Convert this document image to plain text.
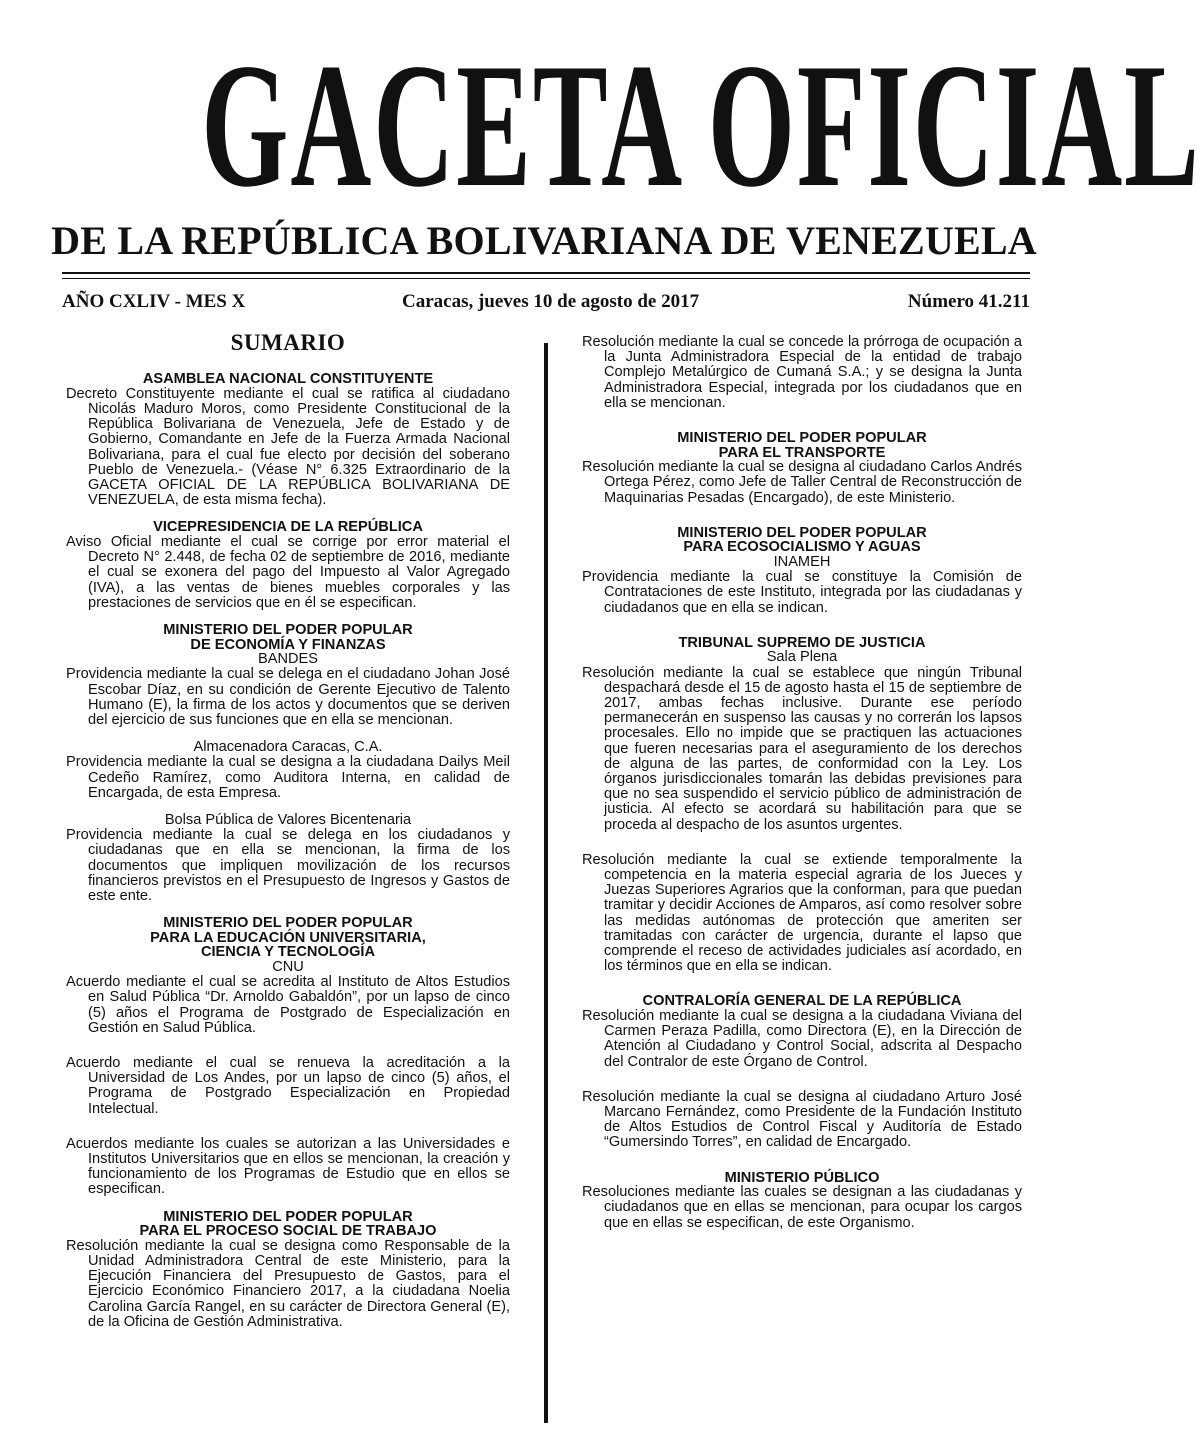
GACETA OFICIAL
DE LA REPÚBLICA BOLIVARIANA DE VENEZUELA
AÑO CXLIV - MES X	Caracas, jueves 10 de agosto de 2017	Número 41.211
SUMARIO

ASAMBLEA NACIONAL CONSTITUYENTE

Decreto Constituyente mediante el cual se ratifica al ciudadano Nicolás Maduro Moros, como Presidente Constitucional de la República Bolivariana de Venezuela, Jefe de Estado y de Gobierno, Comandante en Jefe de la Fuerza Armada Nacional Bolivariana, para el cual fue electo por decisión del soberano Pueblo de Venezuela.- (Véase N° 6.325 Extraordinario de la GACETA OFICIAL DE LA REPÚBLICA BOLIVARIANA DE VENEZUELA, de esta misma fecha).

VICEPRESIDENCIA DE LA REPÚBLICA

Aviso Oficial mediante el cual se corrige por error material el Decreto N° 2.448, de fecha 02 de septiembre de 2016, mediante el cual se exonera del pago del Impuesto al Valor Agregado (IVA), a las ventas de bienes muebles corporales y las prestaciones de servicios que en él se especifican.

MINISTERIO DEL PODER POPULAR

DE ECONOMÍA Y FINANZAS

BANDES

Providencia mediante la cual se delega en el ciudadano Johan José Escobar Díaz, en su condición de Gerente Ejecutivo de Talento Humano (E), la firma de los actos y documentos que se deriven del ejercicio de sus funciones que en ella se mencionan.

Almacenadora Caracas, C.A.

Providencia mediante la cual se designa a la ciudadana Dailys Meil Cedeño Ramírez, como Auditora Interna, en calidad de Encargada, de esta Empresa.

Bolsa Pública de Valores Bicentenaria

Providencia mediante la cual se delega en los ciudadanos y ciudadanas que en ella se mencionan, la firma de los documentos que impliquen movilización de los recursos financieros previstos en el Presupuesto de Ingresos y Gastos de este ente.

MINISTERIO DEL PODER POPULAR

PARA LA EDUCACIÓN UNIVERSITARIA,

CIENCIA Y TECNOLOGÍA

CNU

Acuerdo mediante el cual se acredita al Instituto de Altos Estudios en Salud Pública “Dr. Arnoldo Gabaldón”, por un lapso de cinco (5) años el Programa de Postgrado de Especialización en Gestión en Salud Pública.

Acuerdo mediante el cual se renueva la acreditación a la Universidad de Los Andes, por un lapso de cinco (5) años, el Programa de Postgrado Especialización en Propiedad Intelectual.

Acuerdos mediante los cuales se autorizan a las Universidades e Institutos Universitarios que en ellos se mencionan, la creación y funcionamiento de los Programas de Estudio que en ellos se especifican.

MINISTERIO DEL PODER POPULAR

PARA EL PROCESO SOCIAL DE TRABAJO

Resolución mediante la cual se designa como Responsable de la Unidad Administradora Central de este Ministerio, para la Ejecución Financiera del Presupuesto de Gastos, para el Ejercicio Económico Financiero 2017, a la ciudadana Noelia Carolina García Rangel, en su carácter de Directora General (E), de la Oficina de Gestión Administrativa.

Resolución mediante la cual se concede la prórroga de ocupación a la Junta Administradora Especial de la entidad de trabajo Complejo Metalúrgico de Cumaná S.A.; y se designa la Junta Administradora Especial, integrada por los ciudadanos que en ella se mencionan.

MINISTERIO DEL PODER POPULAR

PARA EL TRANSPORTE

Resolución mediante la cual se designa al ciudadano Carlos Andrés Ortega Pérez, como Jefe de Taller Central de Reconstrucción de Maquinarias Pesadas (Encargado), de este Ministerio.

MINISTERIO DEL PODER POPULAR

PARA ECOSOCIALISMO Y AGUAS

INAMEH

Providencia mediante la cual se constituye la Comisión de Contrataciones de este Instituto, integrada por las ciudadanas y ciudadanos que en ella se indican.

TRIBUNAL SUPREMO DE JUSTICIA

Sala Plena

Resolución mediante la cual se establece que ningún Tribunal despachará desde el 15 de agosto hasta el 15 de septiembre de 2017, ambas fechas inclusive. Durante ese período permanecerán en suspenso las causas y no correrán los lapsos procesales. Ello no impide que se practiquen las actuaciones que fueren necesarias para el aseguramiento de los derechos de alguna de las partes, de conformidad con la Ley. Los órganos jurisdiccionales tomarán las debidas previsiones para que no sea suspendido el servicio público de administración de justicia. Al efecto se acordará su habilitación para que se proceda al despacho de los asuntos urgentes.

Resolución mediante la cual se extiende temporalmente la competencia en la materia especial agraria de los Jueces y Juezas Superiores Agrarios que la conforman, para que puedan tramitar y decidir Acciones de Amparos, así como resolver sobre las medidas autónomas de protección que ameriten ser tramitadas con carácter de urgencia, durante el lapso que comprende el receso de actividades judiciales así acordado, en los términos que en ella se indican.

CONTRALORÍA GENERAL DE LA REPÚBLICA

Resolución mediante la cual se designa a la ciudadana Viviana del Carmen Peraza Padilla, como Directora (E), en la Dirección de Atención al Ciudadano y Control Social, adscrita al Despacho del Contralor de este Órgano de Control.

Resolución mediante la cual se designa al ciudadano Arturo José Marcano Fernández, como Presidente de la Fundación Instituto de Altos Estudios de Control Fiscal y Auditoría de Estado “Gumersindo Torres”, en calidad de Encargado.

MINISTERIO PÚBLICO

Resoluciones mediante las cuales se designan a las ciudadanas y ciudadanos que en ellas se mencionan, para ocupar los cargos que en ellas se especifican, de este Organismo.
